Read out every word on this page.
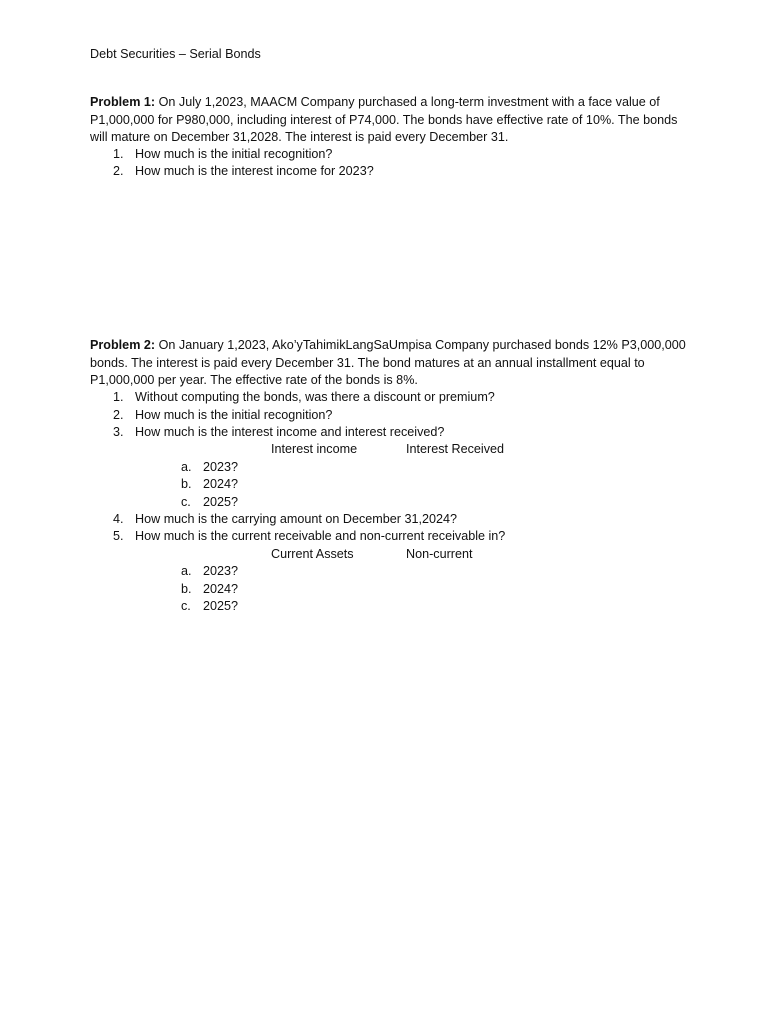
Debt Securities – Serial Bonds
Problem 1: On July 1,2023, MAACM Company purchased a long-term investment with a face value of
P1,000,000 for P980,000, including interest of P74,000. The bonds have effective rate of 10%. The bonds
will mature on December 31,2028. The interest is paid every December 31.
1. How much is the initial recognition?
2. How much is the interest income for 2023?
Problem 2: On January 1,2023, Ako’yTahimikLangSaUmpisa Company purchased bonds 12% P3,000,000
bonds. The interest is paid every December 31. The bond matures at an annual installment equal to
P1,000,000 per year. The effective rate of the bonds is 8%.
1. Without computing the bonds, was there a discount or premium?
2. How much is the initial recognition?
3. How much is the interest income and interest received?
Interest income	Interest Received
a. 2023?
b. 2024?
c. 2025?
4. How much is the carrying amount on December 31,2024?
5. How much is the current receivable and non-current receivable in?
Current Assets	Non-current
a. 2023?
b. 2024?
c. 2025?
